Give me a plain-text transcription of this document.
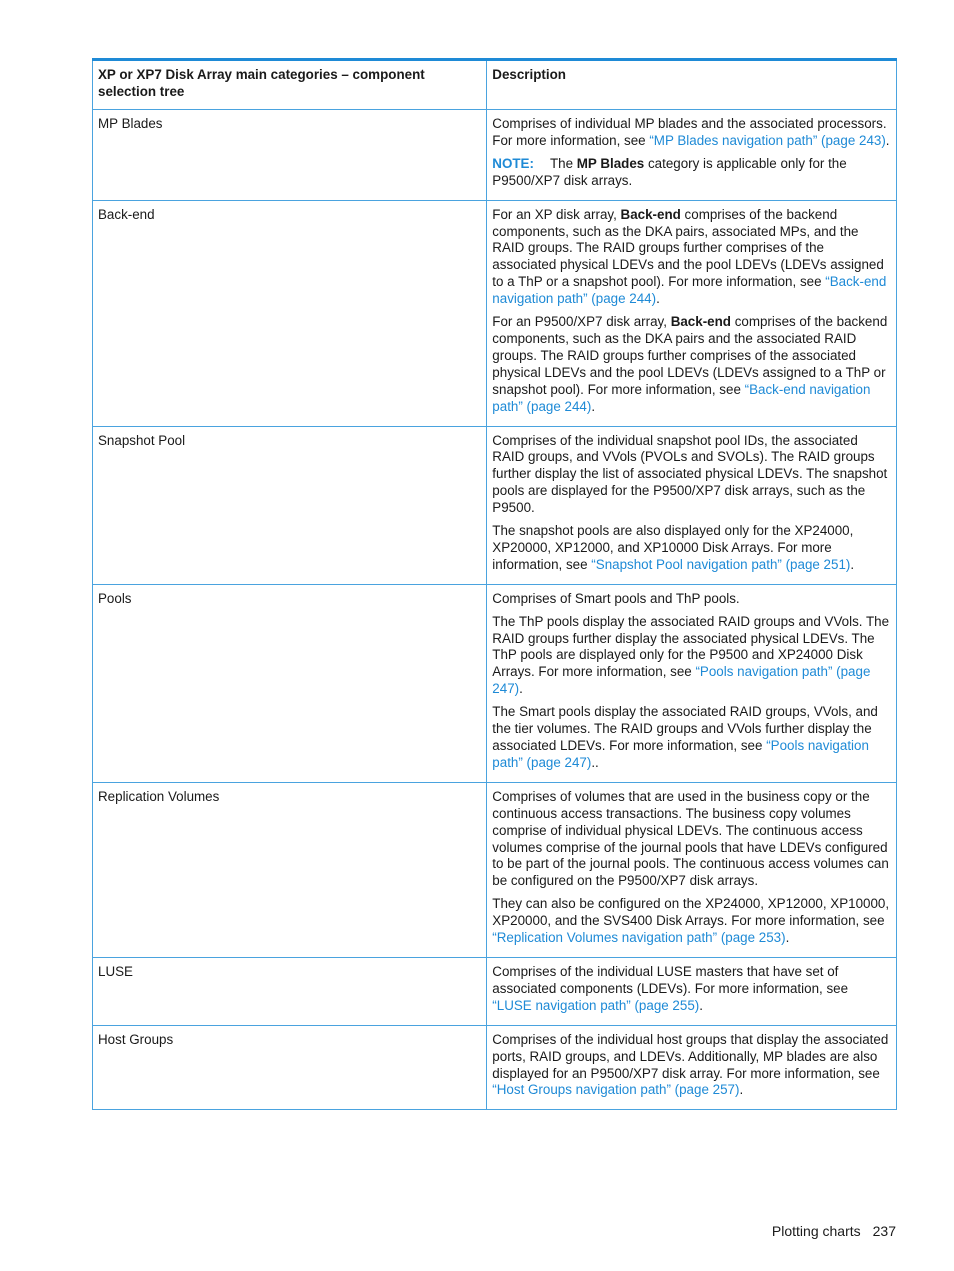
XP or XP7 Disk Array main categories – component selection tree	Description
MP Blades	Comprises of individual MP blades and the associated processors. For more information, see “MP Blades navigation path” (page 243).

NOTE: The MP Blades category is applicable only for the P9500/XP7 disk arrays.

Back-end	For an XP disk array, Back-end comprises of the backend components, such as the DKA pairs, associated MPs, and the RAID groups. The RAID groups further comprises of the associated physical LDEVs and the pool LDEVs (LDEVs assigned to a ThP or a snapshot pool). For more information, see “Back-end navigation path” (page 244).

For an P9500/XP7 disk array, Back-end comprises of the backend components, such as the DKA pairs and the associated RAID groups. The RAID groups further comprises of the associated physical LDEVs and the pool LDEVs (LDEVs assigned to a ThP or snapshot pool). For more information, see “Back-end navigation path” (page 244).

Snapshot Pool	Comprises of the individual snapshot pool IDs, the associated RAID groups, and VVols (PVOLs and SVOLs). The RAID groups further display the list of associated physical LDEVs. The snapshot pools are displayed for the P9500/XP7 disk arrays, such as the P9500.

The snapshot pools are also displayed only for the XP24000, XP20000, XP12000, and XP10000 Disk Arrays. For more information, see “Snapshot Pool navigation path” (page 251).

Pools	Comprises of Smart pools and ThP pools.

The ThP pools display the associated RAID groups and VVols. The RAID groups further display the associated physical LDEVs. The ThP pools are displayed only for the P9500 and XP24000 Disk Arrays. For more information, see “Pools navigation path” (page 247).

The Smart pools display the associated RAID groups, VVols, and the tier volumes. The RAID groups and VVols further display the associated LDEVs. For more information, see “Pools navigation path” (page 247)..

Replication Volumes	Comprises of volumes that are used in the business copy or the continuous access transactions. The business copy volumes comprise of individual physical LDEVs. The continuous access volumes comprise of the journal pools that have LDEVs configured to be part of the journal pools. The continuous access volumes can be configured on the P9500/XP7 disk arrays.

They can also be configured on the XP24000, XP12000, XP10000, XP20000, and the SVS400 Disk Arrays. For more information, see “Replication Volumes navigation path” (page 253).

LUSE	Comprises of the individual LUSE masters that have set of associated components (LDEVs). For more information, see “LUSE navigation path” (page 255).

Host Groups	Comprises of the individual host groups that display the associated ports, RAID groups, and LDEVs. Additionally, MP blades are also displayed for an P9500/XP7 disk array. For more information, see “Host Groups navigation path” (page 257).

Plotting charts 237
